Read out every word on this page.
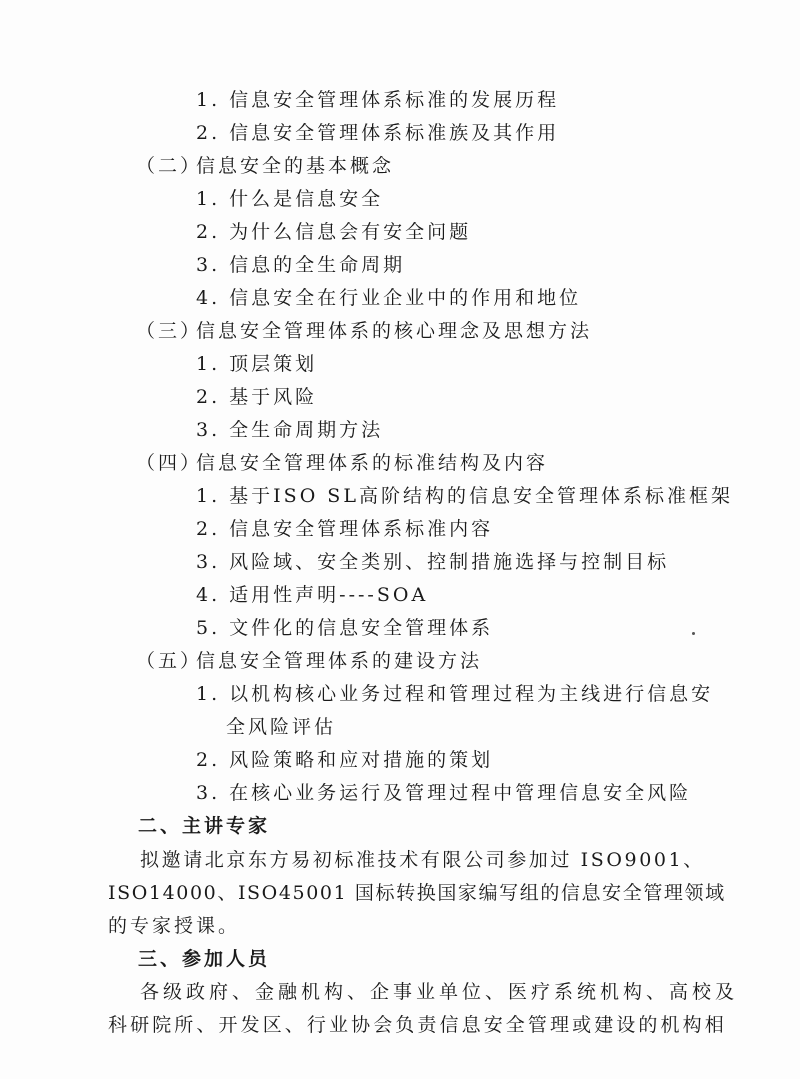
1. 信息安全管理体系标准的发展历程
2. 信息安全管理体系标准族及其作用
（二）
信息安全的基本概念
1. 什么是信息安全
2. 为什么信息会有安全问题
3. 信息的全生命周期
4. 信息安全在行业企业中的作用和地位
（三）
信息安全管理体系的核心理念及思想方法
1. 顶层策划
2. 基于风险
3. 全生命周期方法
（四）
信息安全管理体系的标准结构及内容
1. 基于ISO SL高阶结构的信息安全管理体系标准框架
2. 信息安全管理体系标准内容
3. 风险域、安全类别、控制措施选择与控制目标
4. 适用性声明----SOA
5. 文件化的信息安全管理体系
（五）
信息安全管理体系的建设方法
1. 以机构核心业务过程和管理过程为主线进行信息安
全风险评估
2. 风险策略和应对措施的策划
3. 在核心业务运行及管理过程中管理信息安全风险
二、主讲专家
拟邀请北京东方易初标准技术有限公司参加过 ISO9001、
ISO14000、ISO45001 国标转换国家编写组的信息安全管理领域
的专家授课。
三、参加人员
各级政府、金融机构、企事业单位、医疗系统机构、高校及
科研院所、开发区、行业协会负责信息安全管理或建设的机构相
